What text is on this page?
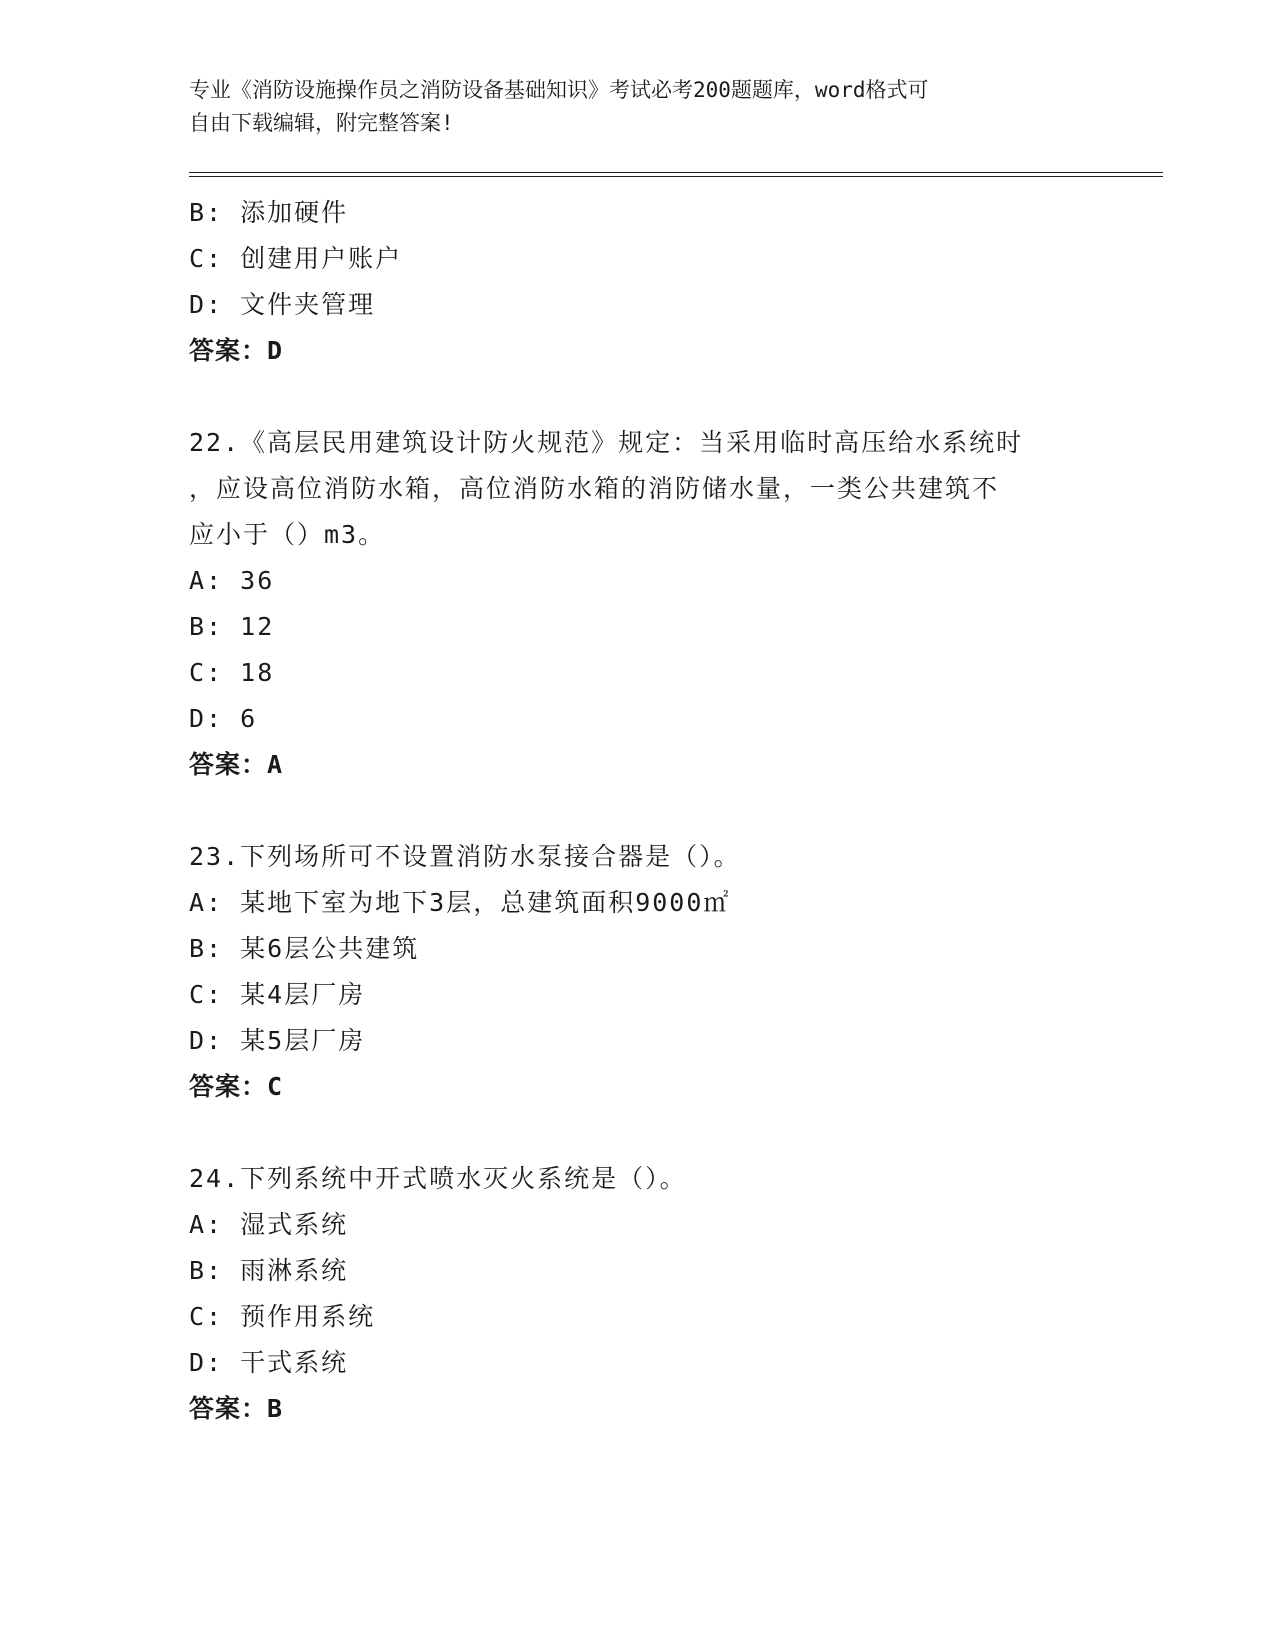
专业《消防设施操作员之消防设备基础知识》考试必考200题题库，word格式可
自由下载编辑，附完整答案!
B: 添加硬件
C: 创建用户账户
D: 文件夹管理
答案：D
22.《高层民用建筑设计防火规范》规定：当采用临时高压给水系统时
，应设高位消防水箱，高位消防水箱的消防储水量，一类公共建筑不
应小于（）m3。
A: 36
B: 12
C: 18
D: 6
答案：A
23.下列场所可不设置消防水泵接合器是（）。
A: 某地下室为地下3层，总建筑面积9000㎡
B: 某6层公共建筑
C: 某4层厂房
D: 某5层厂房
答案：C
24.下列系统中开式喷水灭火系统是（）。
A: 湿式系统
B: 雨淋系统
C: 预作用系统
D: 干式系统
答案：B
